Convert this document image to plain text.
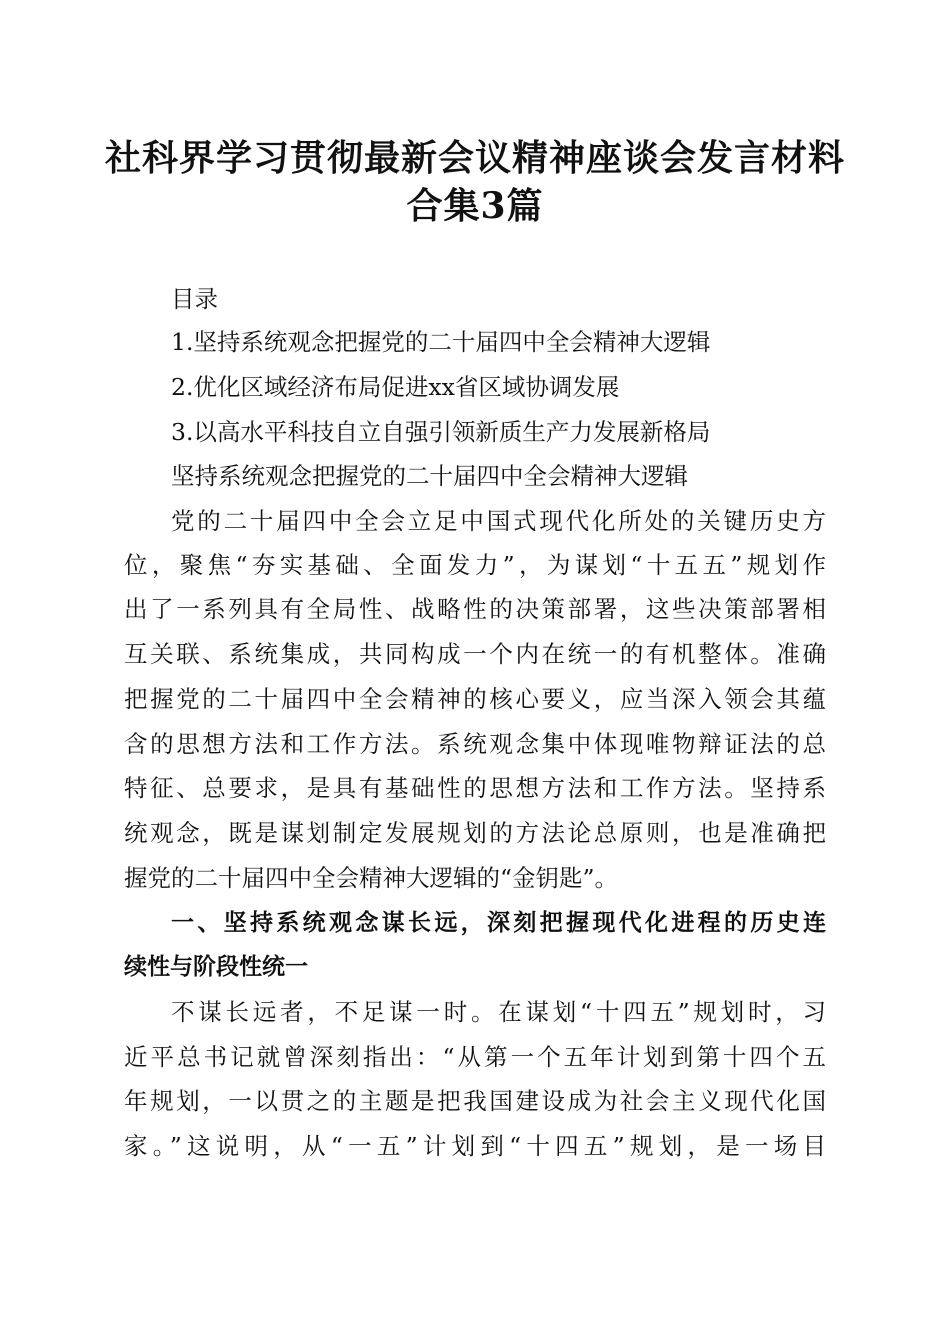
社科界学习贯彻最新会议精神座谈会发言材料
合集3篇
目录
1.坚持系统观念把握党的二十届四中全会精神大逻辑
2.优化区域经济布局促进xx省区域协调发展
3.以高水平科技自立自强引领新质生产力发展新格局
坚持系统观念把握党的二十届四中全会精神大逻辑
党的二十届四中全会立足中国式现代化所处的关键历史方
位，聚焦“夯实基础、全面发力”，为谋划“十五五”规划作
出了一系列具有全局性、战略性的决策部署，这些决策部署相
互关联、系统集成，共同构成一个内在统一的有机整体。准确
把握党的二十届四中全会精神的核心要义，应当深入领会其蕴
含的思想方法和工作方法。系统观念集中体现唯物辩证法的总
特征、总要求，是具有基础性的思想方法和工作方法。坚持系
统观念，既是谋划制定发展规划的方法论总原则，也是准确把
握党的二十届四中全会精神大逻辑的“金钥匙”。
一、坚持系统观念谋长远，深刻把握现代化进程的历史连
续性与阶段性统一
不谋长远者，不足谋一时。在谋划“十四五”规划时，习
近平总书记就曾深刻指出：“从第一个五年计划到第十四个五
年规划，一以贯之的主题是把我国建设成为社会主义现代化国
家。”这说明，从“一五”计划到“十四五”规划，是一场目
